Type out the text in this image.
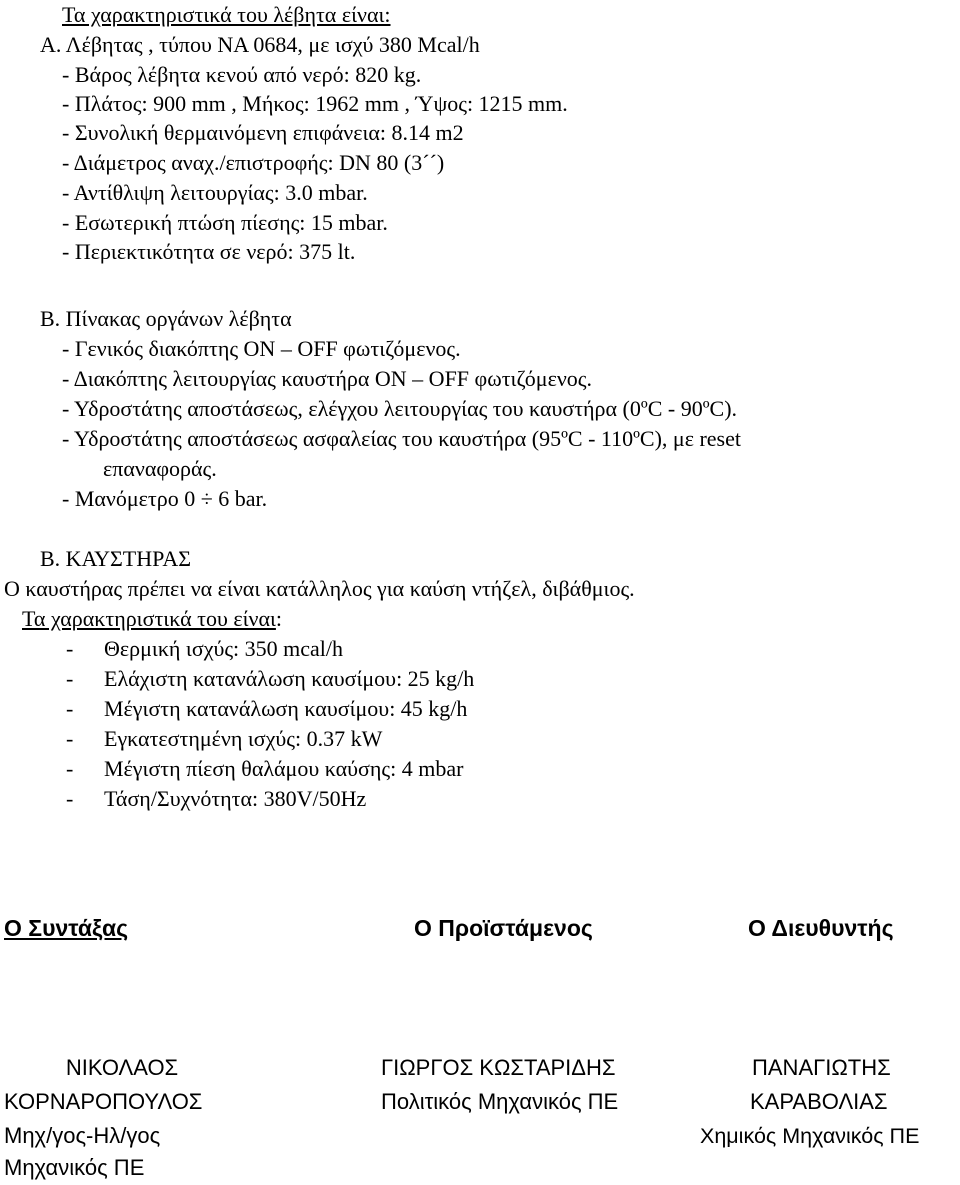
Τα χαρακτηριστικά του λέβητα είναι:

Α. Λέβητας , τύπου NA 0684, με ισχύ 380 Mcal/h

- Βάρος λέβητα κενού από νερό: 820 kg.

- Πλάτος: 900 mm , Μήκος: 1962 mm , Ύψος: 1215 mm.

- Συνολική θερμαινόμενη επιφάνεια: 8.14 m2

- Διάμετρος αναχ./επιστροφής: DN 80 (3´´)

- Αντίθλιψη λειτουργίας: 3.0 mbar.

- Εσωτερική πτώση πίεσης: 15 mbar.

- Περιεκτικότητα σε νερό: 375 lt.

Β. Πίνακας οργάνων λέβητα

- Γενικός διακόπτης ON – OFF φωτιζόμενος.

- Διακόπτης λειτουργίας καυστήρα ON – OFF φωτιζόμενος.

- Υδροστάτης αποστάσεως, ελέγχου λειτουργίας του καυστήρα (0ºC - 90ºC).

- Υδροστάτης αποστάσεως ασφαλείας του καυστήρα (95ºC - 110ºC), με reset

επαναφοράς.

- Μανόμετρο 0 ÷ 6 bar.

Β. ΚΑΥΣΤΗΡΑΣ

Ο καυστήρας πρέπει να είναι κατάλληλος για καύση ντήζελ, διβάθμιος.

Τα χαρακτηριστικά του είναι:

- Θερμική ισχύς: 350 mcal/h

- Ελάχιστη κατανάλωση καυσίμου: 25 kg/h

- Μέγιστη κατανάλωση καυσίμου: 45 kg/h

- Εγκατεστημένη ισχύς: 0.37 kW

- Μέγιστη πίεση θαλάμου καύσης: 4 mbar

- Τάση/Συχνότητα: 380V/50Hz

Ο Συντάξας	Ο Προϊστάμενος	Ο Διευθυντής

ΝΙΚΟΛΑΟΣ

ΚΟΡΝΑΡΟΠΟΥΛΟΣ

Μηχ/γος-Ηλ/γος

Μηχανικός ΠΕ

ΓΙΩΡΓΟΣ ΚΩΣΤΑΡΙΔΗΣ

Πολιτικός Μηχανικός ΠΕ

ΠΑΝΑΓΙΩΤΗΣ

ΚΑΡΑΒΟΛΙΑΣ

Χημικός Μηχανικός ΠΕ
